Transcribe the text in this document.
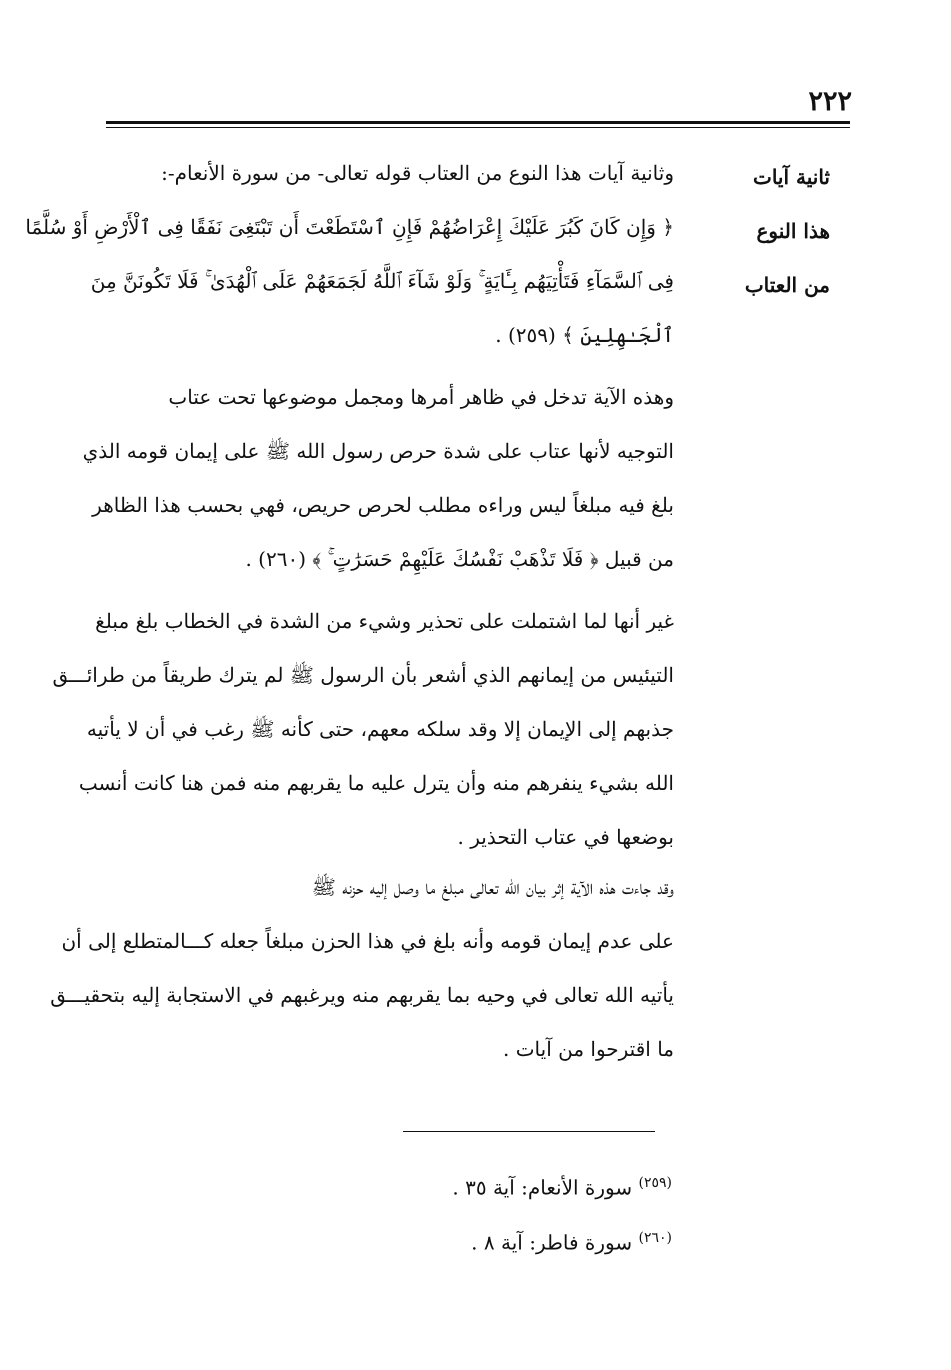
٢٢٢
ثانية آيات
هذا النوع
من العتاب
وثانية آيات هذا النوع من العتاب قوله تعالى- من سورة الأنعام-:
﴿ وَإِن كَانَ كَبُرَ عَلَيْكَ إِعْرَاضُهُمْ فَإِنِ ٱسْتَطَعْتَ أَن تَبْتَغِىَ نَفَقًا فِى ٱلْأَرْضِ أَوْ سُلَّمًا
فِى ٱلسَّمَآءِ فَتَأْتِيَهُم بِـَٔايَةٍ ۚ وَلَوْ شَآءَ ٱللَّهُ لَجَمَعَهُمْ عَلَى ٱلْهُدَىٰ ۚ فَلَا تَكُونَنَّ مِنَ
ٱلْجَـٰهِلِينَ ﴾ (٢٥٩) .
وهذه الآية تدخل في ظاهر أمرها ومجمل موضوعها تحت عتاب
التوجيه لأنها عتاب على شدة حرص رسول الله ﷺ على إيمان قومه الذي
بلغ فيه مبلغاً ليس وراءه مطلب لحرص حريص، فهي بحسب هذا الظاهر
من قبيل ﴿ فَلَا تَذْهَبْ نَفْسُكَ عَلَيْهِمْ حَسَرَٰتٍ ۚ ﴾ (٢٦٠) .
غير أنها لما اشتملت على تحذير وشيء من الشدة في الخطاب بلغ مبلغ
التيئيس من إيمانهم الذي أشعر بأن الرسول ﷺ لم يترك طريقاً من طرائـــق
جذبهم إلى الإيمان إلا وقد سلكه معهم، حتى كأنه ﷺ رغب في أن لا يأتيه
الله بشيء ينفرهم منه وأن يترل عليه ما يقربهم منه فمن هنا كانت أنسب
بوضعها في عتاب التحذير .
وقد جاءت هذه الآية إثر بيان الله تعالى مبلغ ما وصل إليه حزنه ﷺ
على عدم إيمان قومه وأنه بلغ في هذا الحزن مبلغاً جعله كـــالمتطلع إلى أن
يأتيه الله تعالى في وحيه بما يقربهم منه ويرغبهم في الاستجابة إليه بتحقيـــق
ما اقترحوا من آيات .
$^{(٢٥٩)}$ سورة الأنعام: آية ٣٥ .
$^{(٢٦٠)}$ سورة فاطر: آية ٨ .
